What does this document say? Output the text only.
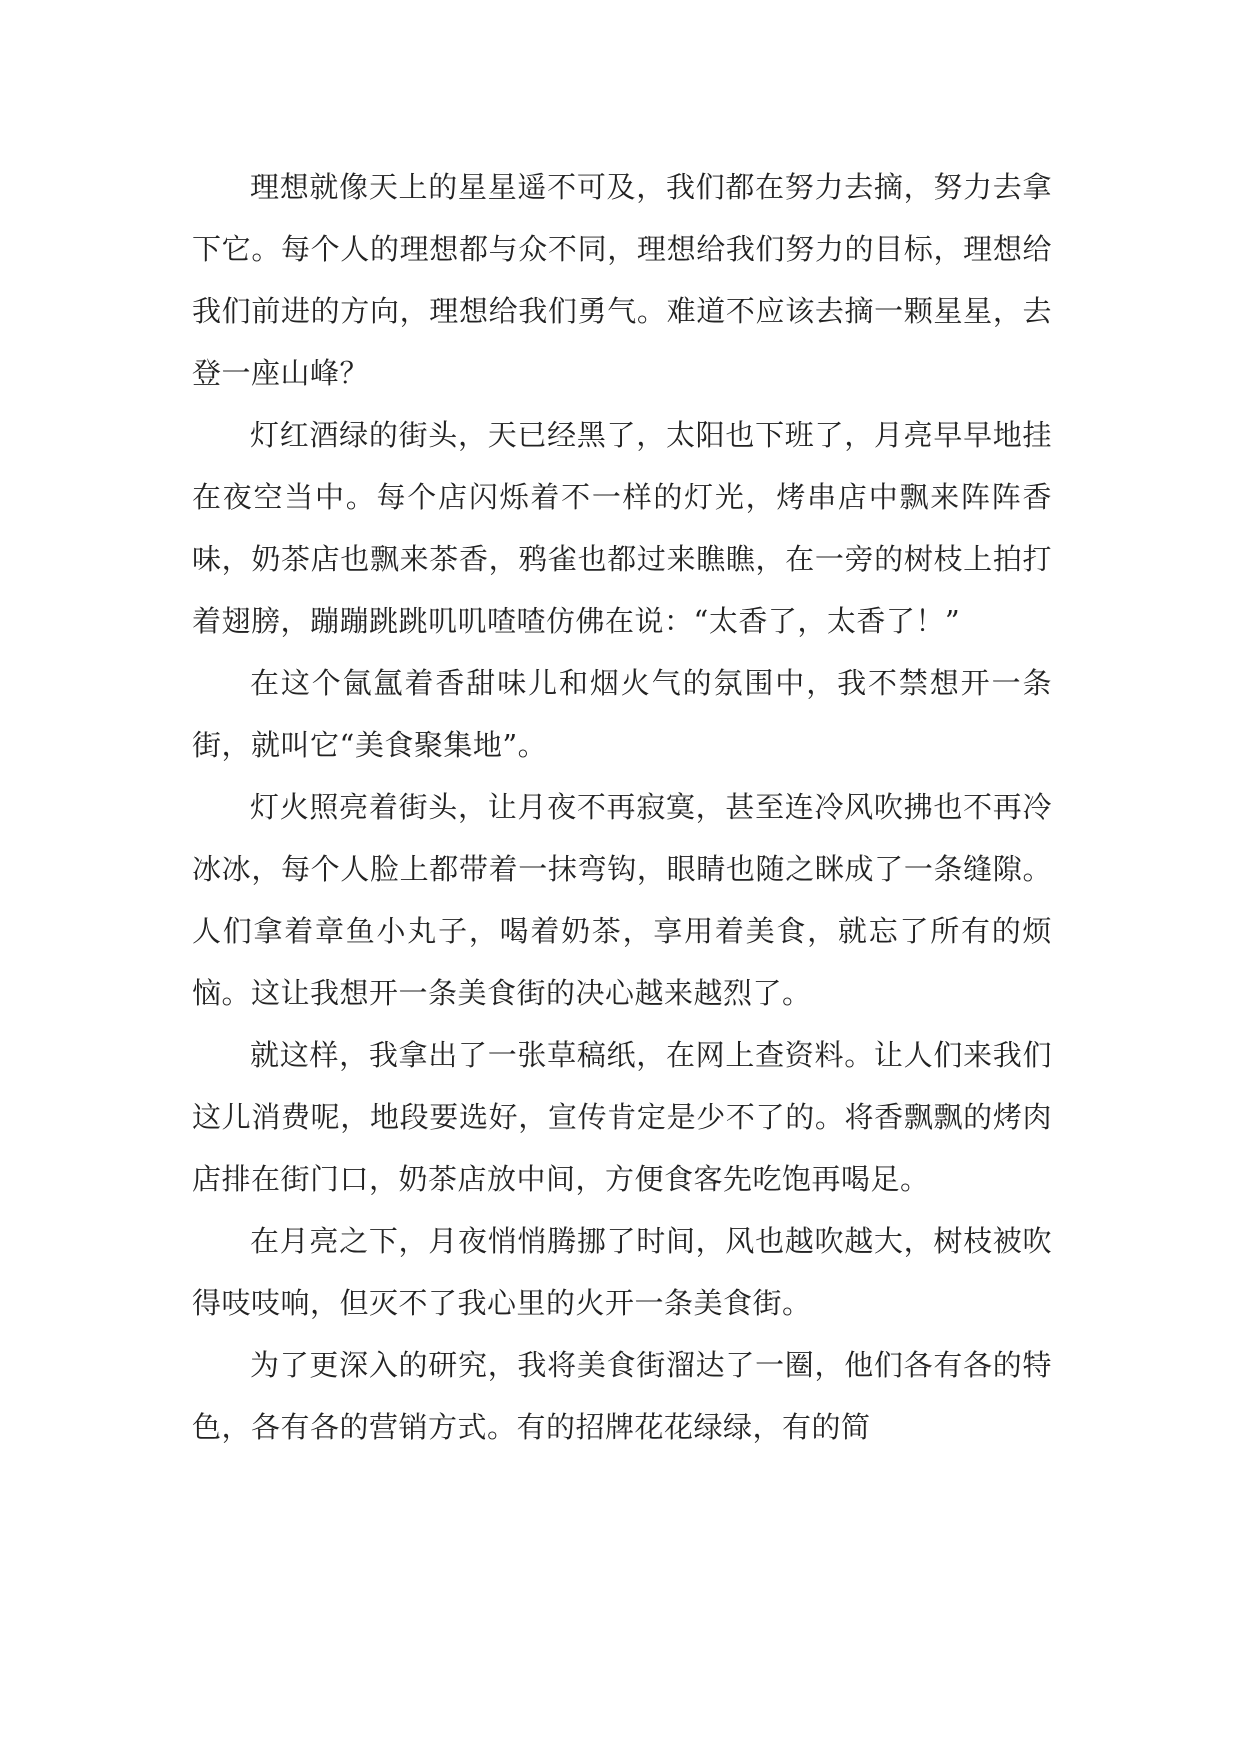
理想就像天上的星星遥不可及，我们都在努力去摘，努力去拿下它。每个人的理想都与众不同，理想给我们努力的目标，理想给我们前进的方向，理想给我们勇气。难道不应该去摘一颗星星，去登一座山峰？

灯红酒绿的街头，天已经黑了，太阳也下班了，月亮早早地挂在夜空当中。每个店闪烁着不一样的灯光，烤串店中飘来阵阵香味，奶茶店也飘来茶香，鸦雀也都过来瞧瞧，在一旁的树枝上拍打着翅膀，蹦蹦跳跳叽叽喳喳仿佛在说：“太香了，太香了！”

在这个氤氲着香甜味儿和烟火气的氛围中，我不禁想开一条街，就叫它“美食聚集地”。

灯火照亮着街头，让月夜不再寂寞，甚至连冷风吹拂也不再冷冰冰，每个人脸上都带着一抹弯钩，眼睛也随之眯成了一条缝隙。人们拿着章鱼小丸子，喝着奶茶，享用着美食，就忘了所有的烦恼。这让我想开一条美食街的决心越来越烈了。

就这样，我拿出了一张草稿纸，在网上查资料。让人们来我们这儿消费呢，地段要选好，宣传肯定是少不了的。将香飘飘的烤肉店排在街门口，奶茶店放中间，方便食客先吃饱再喝足。

在月亮之下，月夜悄悄腾挪了时间，风也越吹越大，树枝被吹得吱吱响，但灭不了我心里的火开一条美食街。

为了更深入的研究，我将美食街溜达了一圈，他们各有各的特色，各有各的营销方式。有的招牌花花绿绿，有的简
